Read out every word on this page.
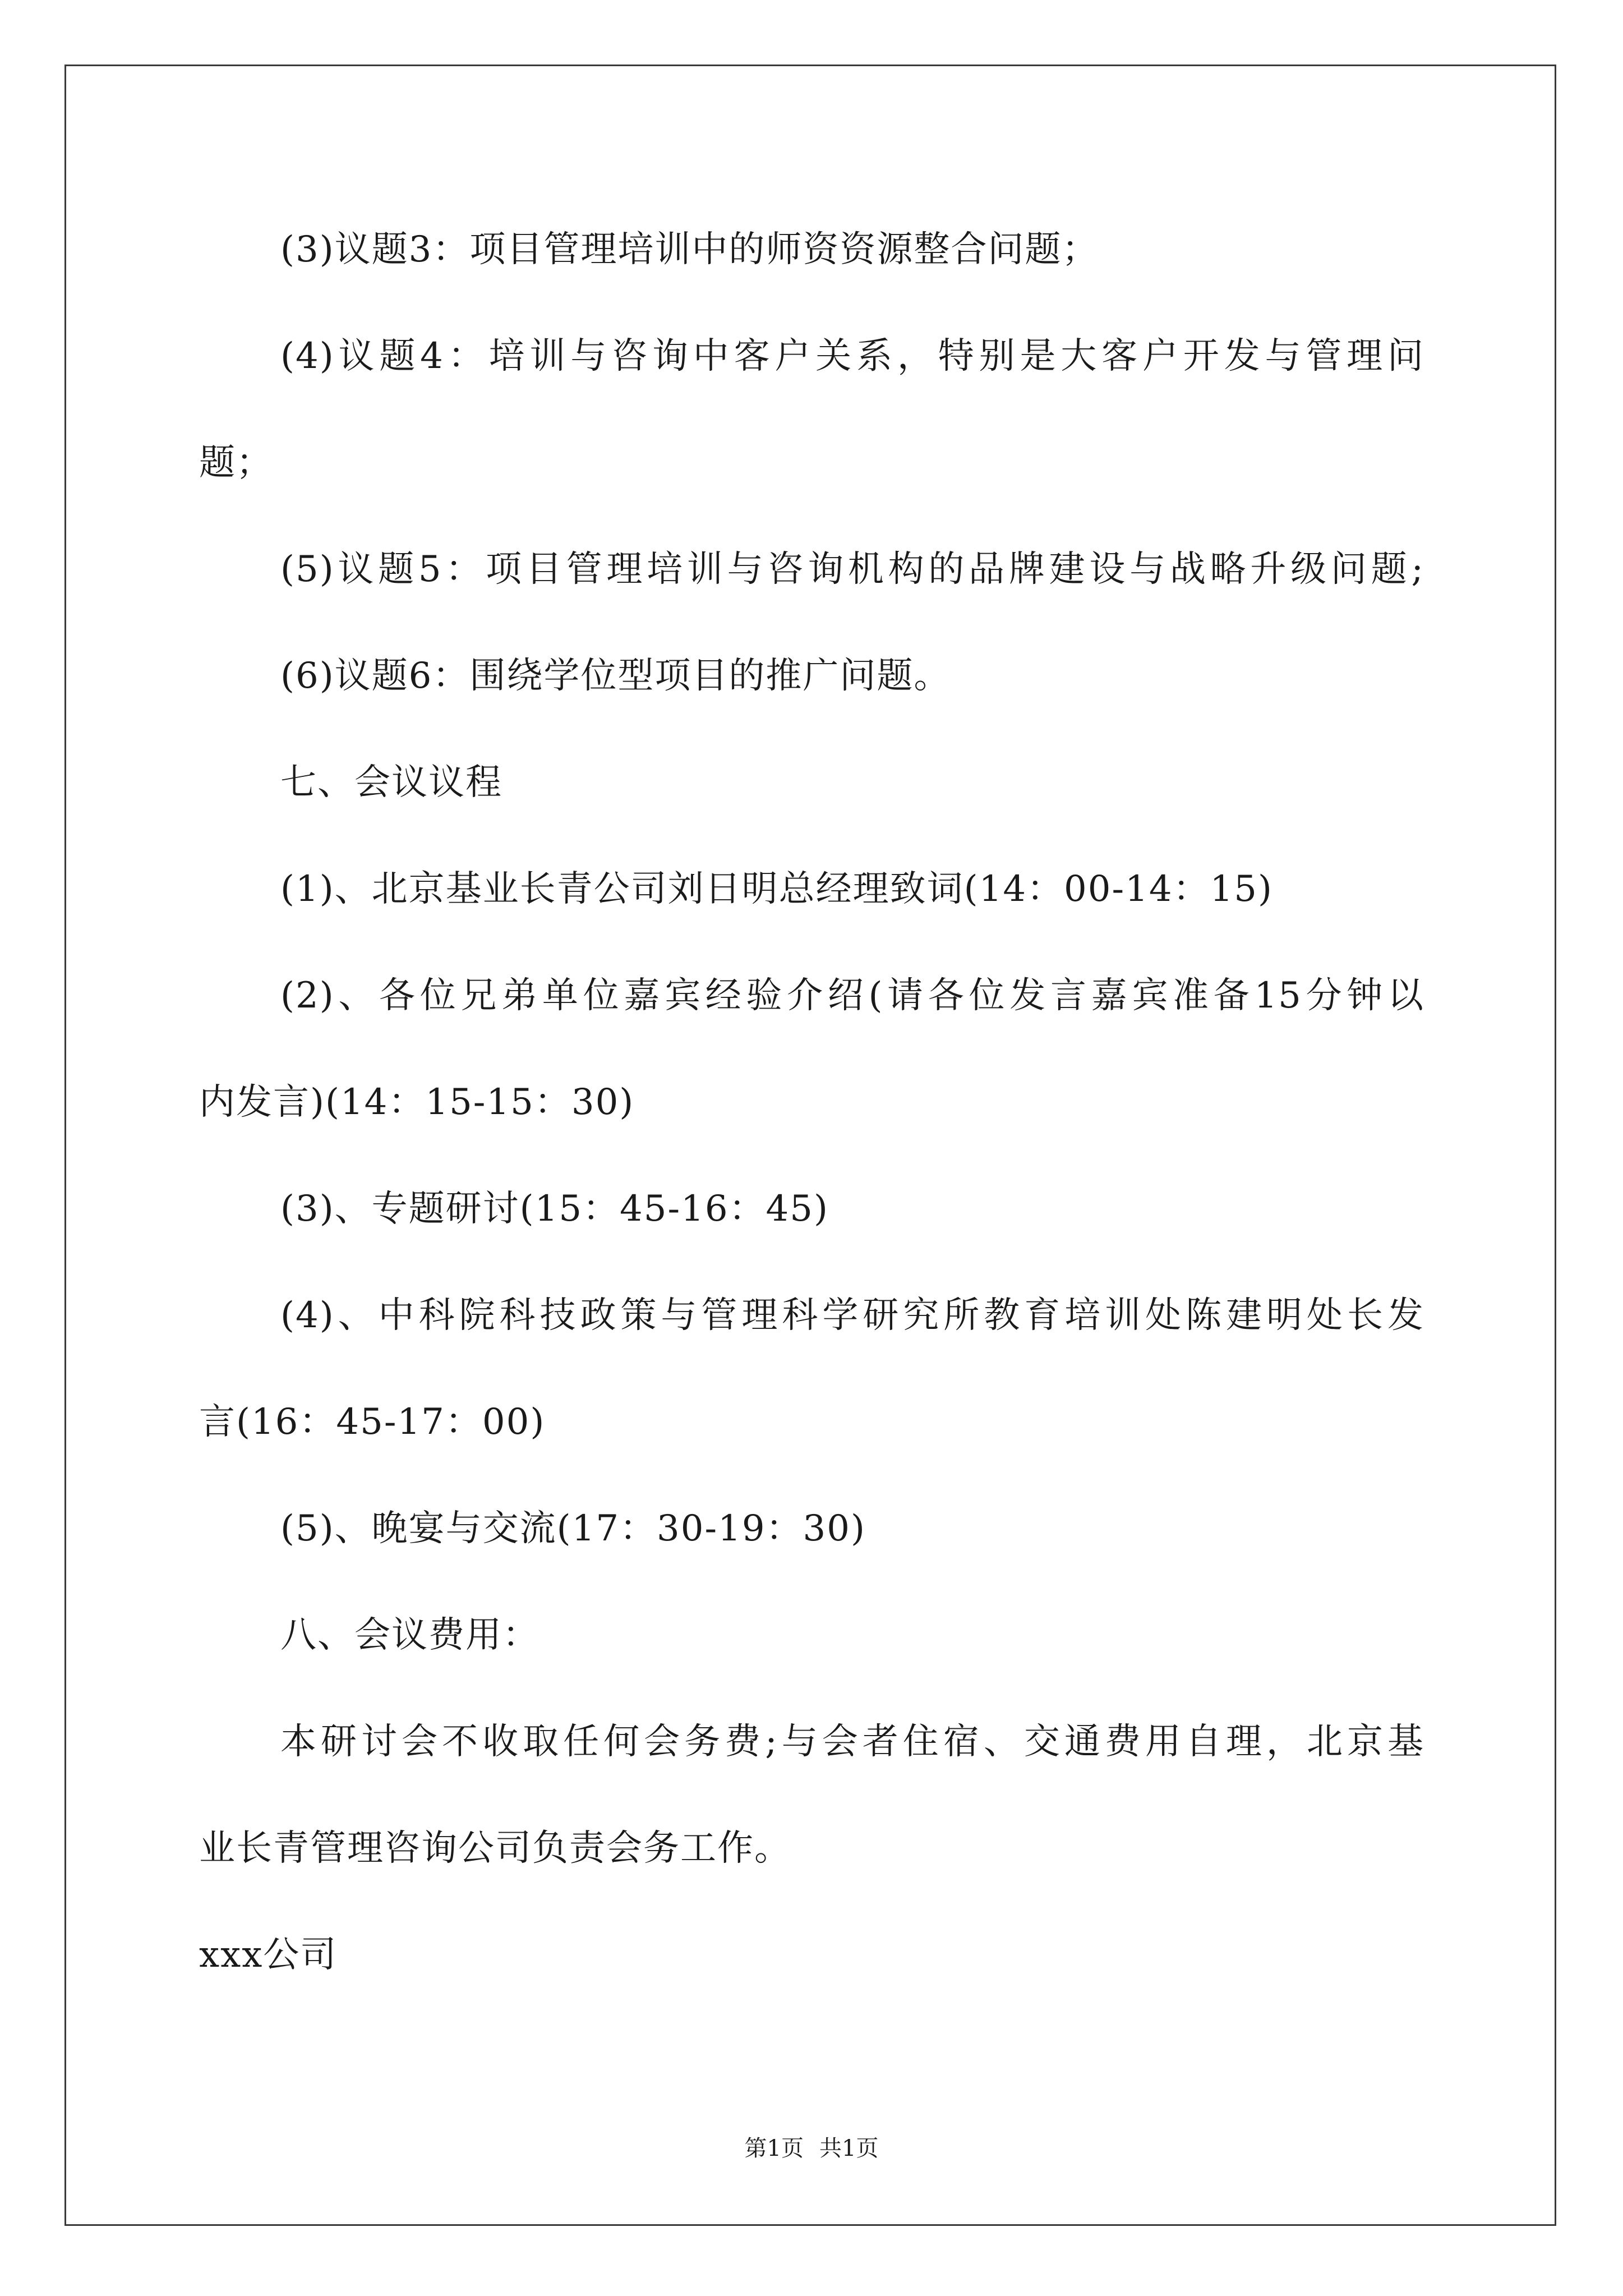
(3)议题3：项目管理培训中的师资资源整合问题；
(4)议题4：培训与咨询中客户关系，特别是大客户开发与管理问
题；
(5)议题5：项目管理培训与咨询机构的品牌建设与战略升级问题;
(6)议题6：围绕学位型项目的推广问题。
七、会议议程
(1)、北京基业长青公司刘日明总经理致词(14：00-14：15)
(2)、各位兄弟单位嘉宾经验介绍(请各位发言嘉宾准备15分钟以
内发言)(14：15-15：30)
(3)、专题研讨(15：45-16：45)
(4)、中科院科技政策与管理科学研究所教育培训处陈建明处长发
言(16：45-17：00)
(5)、晚宴与交流(17：30-19：30)
八、会议费用：
本研讨会不收取任何会务费;与会者住宿、交通费用自理，北京基
业长青管理咨询公司负责会务工作。
xxx公司
第1页 共1页
